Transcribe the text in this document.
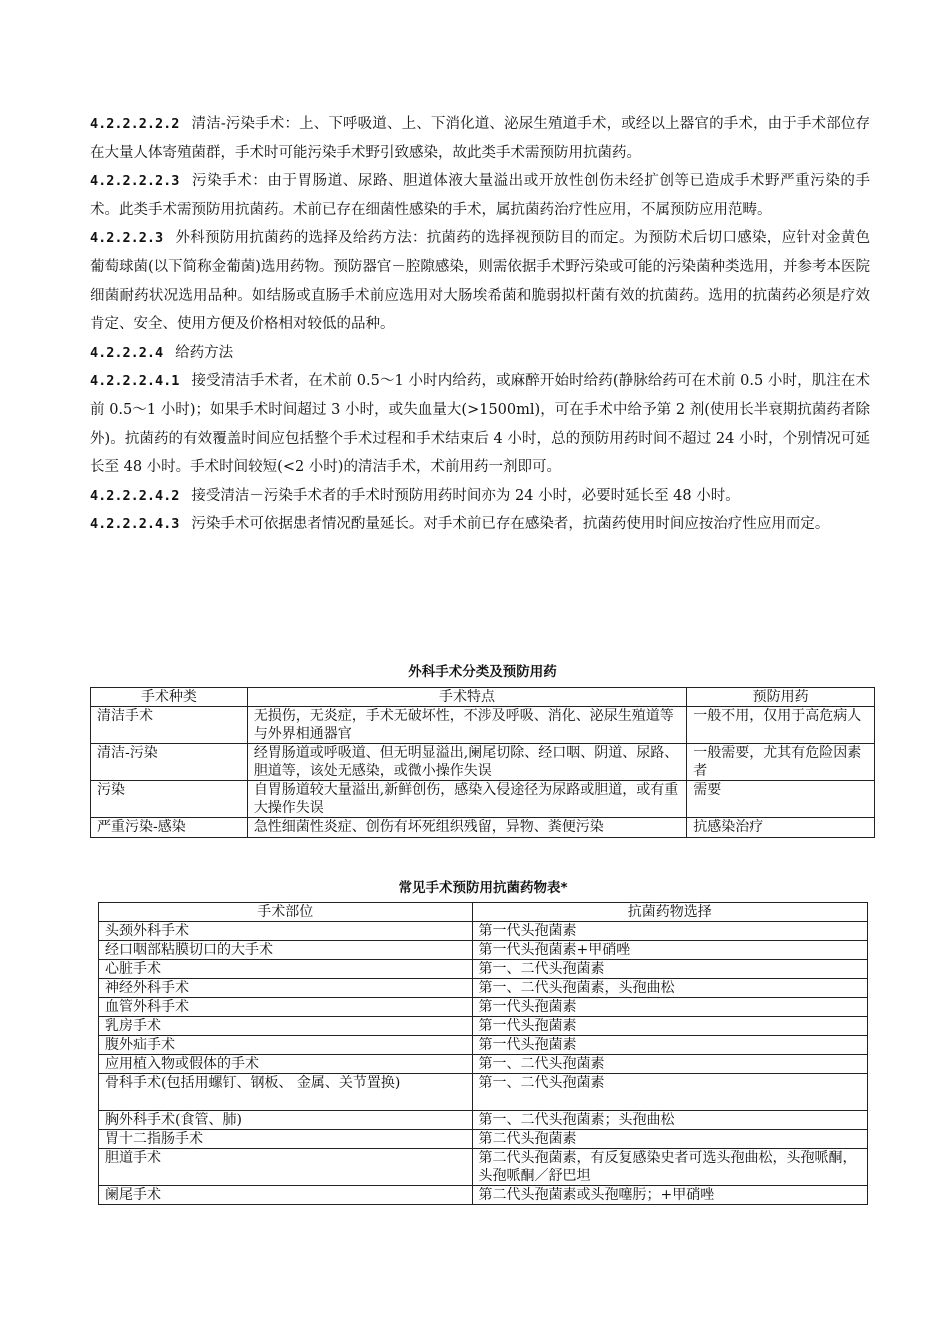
4.2.2.2.2.2 清洁-污染手术：上、下呼吸道、上、下消化道、泌尿生殖道手术，或经以上器官的手术，由于手术部位存在大量人体寄殖菌群，手术时可能污染手术野引致感染，故此类手术需预防用抗菌药。

4.2.2.2.2.3 污染手术：由于胃肠道、尿路、胆道体液大量溢出或开放性创伤未经扩创等已造成手术野严重污染的手术。此类手术需预防用抗菌药。术前已存在细菌性感染的手术，属抗菌药治疗性应用，不属预防应用范畴。

4.2.2.2.3 外科预防用抗菌药的选择及给药方法：抗菌药的选择视预防目的而定。为预防术后切口感染，应针对金黄色葡萄球菌(以下简称金葡菌)选用药物。预防器官－腔隙感染，则需依据手术野污染或可能的污染菌种类选用，并参考本医院细菌耐药状况选用品种。如结肠或直肠手术前应选用对大肠埃希菌和脆弱拟杆菌有效的抗菌药。选用的抗菌药必须是疗效肯定、安全、使用方便及价格相对较低的品种。

4.2.2.2.4 给药方法

4.2.2.2.4.1 接受清洁手术者，在术前 0.5～1 小时内给药，或麻醉开始时给药(静脉给药可在术前 0.5 小时，肌注在术前 0.5～1 小时)；如果手术时间超过 3 小时，或失血量大(>1500ml)，可在手术中给予第 2 剂(使用长半衰期抗菌药者除外)。抗菌药的有效覆盖时间应包括整个手术过程和手术结束后 4 小时，总的预防用药时间不超过 24 小时，个别情况可延长至 48 小时。手术时间较短(<2 小时)的清洁手术，术前用药一剂即可。

4.2.2.2.4.2 接受清洁－污染手术者的手术时预防用药时间亦为 24 小时，必要时延长至 48 小时。

4.2.2.2.4.3 污染手术可依据患者情况酌量延长。对手术前已存在感染者，抗菌药使用时间应按治疗性应用而定。

外科手术分类及预防用药
手术种类	手术特点	预防用药
清洁手术	无损伤，无炎症，手术无破坏性，不涉及呼吸、消化、泌尿生殖道等与外界相通器官	一般不用，仅用于高危病人
清洁-污染	经胃肠道或呼吸道、但无明显溢出,阑尾切除、经口咽、阴道、尿路、胆道等，该处无感染，或微小操作失误	一般需要，尤其有危险因素者
污染	自胃肠道较大量溢出,新鲜创伤，感染入侵途径为尿路或胆道，或有重大操作失误	需要
严重污染-感染	急性细菌性炎症、创伤有坏死组织残留，异物、粪便污染	抗感染治疗
常见手术预防用抗菌药物表*
手术部位	抗菌药物选择
头颈外科手术	第一代头孢菌素
经口咽部粘膜切口的大手术	第一代头孢菌素+甲硝唑
心脏手术	第一、二代头孢菌素
神经外科手术	第一、二代头孢菌素，头孢曲松
血管外科手术	第一代头孢菌素
乳房手术	第一代头孢菌素
腹外疝手术	第一代头孢菌素
应用植入物或假体的手术	第一、二代头孢菌素
骨科手术(包括用螺钉、钢板、 金属、关节置换)	第一、二代头孢菌素
胸外科手术(食管、肺)	第一、二代头孢菌素；头孢曲松
胃十二指肠手术	第二代头孢菌素
胆道手术	第二代头孢菌素，有反复感染史者可选头孢曲松，头孢哌酮，头孢哌酮／舒巴坦
阑尾手术	第二代头孢菌素或头孢噻肟；+甲硝唑
